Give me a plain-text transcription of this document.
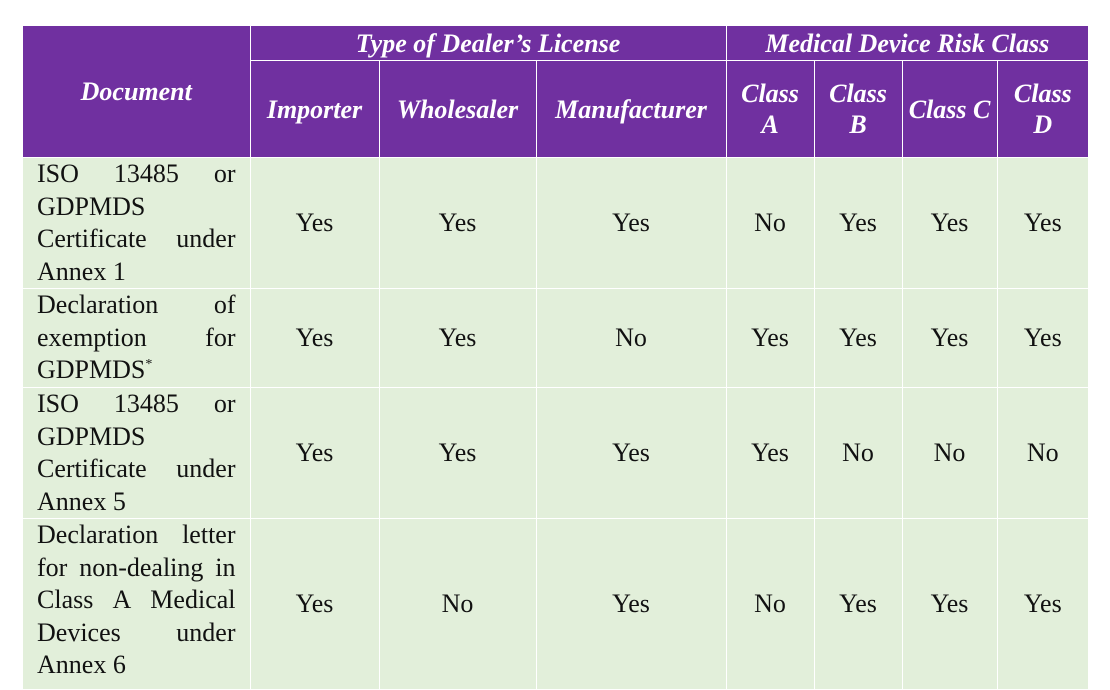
Document	Type of Dealer’s License			Medical Device Risk Class			
	Importer	Wholesaler	Manufacturer	Class A	Class B	Class C	Class D
ISO 13485 or GDPMDS Certificate under Annex 1	Yes	Yes	Yes	No	Yes	Yes	Yes
Declaration of exemption for GDPMDS*	Yes	Yes	No	Yes	Yes	Yes	Yes
ISO 13485 or GDPMDS Certificate under Annex 5	Yes	Yes	Yes	Yes	No	No	No
Declaration letter for non-dealing in Class A Medical Devices under Annex 6	Yes	No	Yes	No	Yes	Yes	Yes
